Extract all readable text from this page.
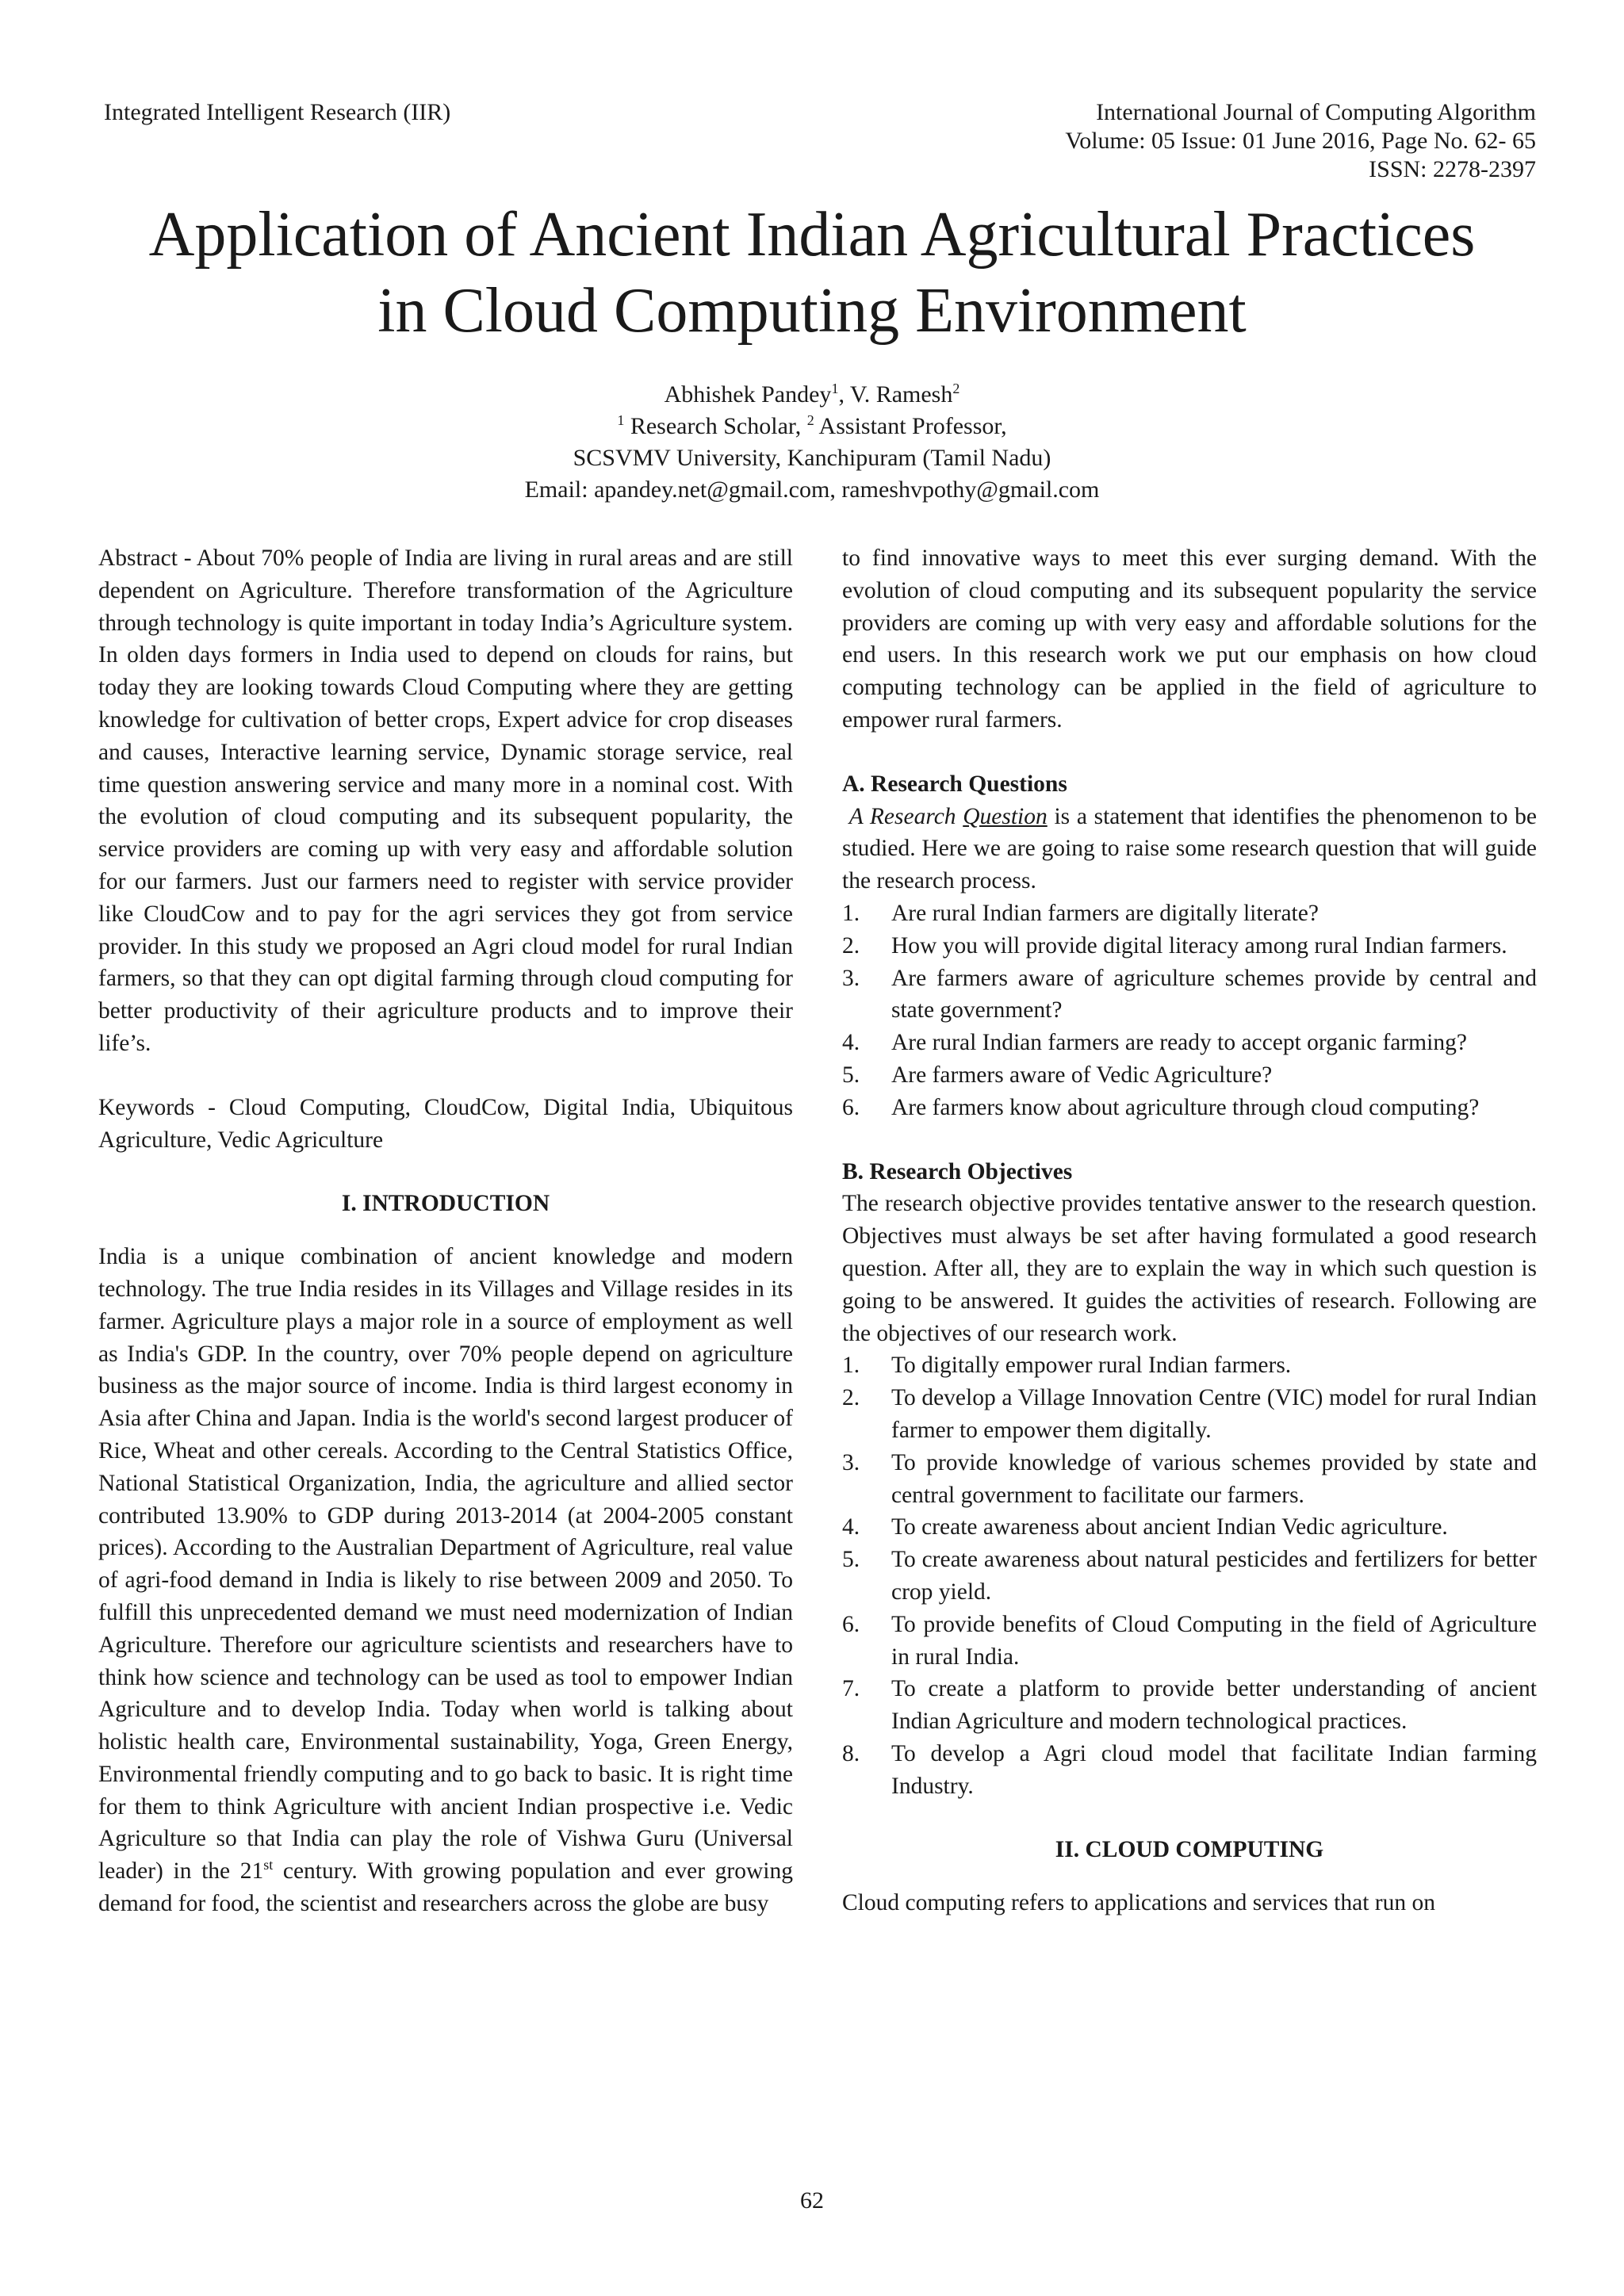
Integrated Intelligent Research (IIR)	International Journal of Computing Algorithm
Volume: 05 Issue: 01 June 2016, Page No. 62- 65
ISSN: 2278-2397
Application of Ancient Indian Agricultural Practices
in Cloud Computing Environment
Abhishek Pandey$^1$, V. Ramesh$^2$
$^1$ Research Scholar, $^2$ Assistant Professor,
SCSVMV University, Kanchipuram (Tamil Nadu)
Email: apandey.net@gmail.com, rameshvpothy@gmail.com

Abstract - About 70% people of India are living in rural areas and are still dependent on Agriculture. Therefore transformation of the Agriculture through technology is quite important in today India’s Agriculture system. In olden days formers in India used to depend on clouds for rains, but today they are looking towards Cloud Computing where they are getting knowledge for cultivation of better crops, Expert advice for crop diseases and causes, Interactive learning service, Dynamic storage service, real time question answering service and many more in a nominal cost. With the evolution of cloud computing and its subsequent popularity, the service providers are coming up with very easy and affordable solution for our farmers. Just our farmers need to register with service provider like CloudCow and to pay for the agri services they got from service provider. In this study we proposed an Agri cloud model for rural Indian farmers, so that they can opt digital farming through cloud computing for better productivity of their agriculture products and to improve their life’s.

Keywords - Cloud Computing, CloudCow, Digital India, Ubiquitous Agriculture, Vedic Agriculture

I. INTRODUCTION

India is a unique combination of ancient knowledge and modern technology. The true India resides in its Villages and Village resides in its farmer. Agriculture plays a major role in a source of employment as well as India's GDP. In the country, over 70% people depend on agriculture business as the major source of income. India is third largest economy in Asia after China and Japan. India is the world's second largest producer of Rice, Wheat and other cereals. According to the Central Statistics Office, National Statistical Organization, India, the agriculture and allied sector contributed 13.90% to GDP during 2013-2014 (at 2004-2005 constant prices). According to the Australian Department of Agriculture, real value of agri-food demand in India is likely to rise between 2009 and 2050. To fulfill this unprecedented demand we must need modernization of Indian Agriculture. Therefore our agriculture scientists and researchers have to think how science and technology can be used as tool to empower Indian Agriculture and to develop India. Today when world is talking about holistic health care, Environmental sustainability, Yoga, Green Energy, Environmental friendly computing and to go back to basic. It is right time for them to think Agriculture with ancient Indian prospective i.e. Vedic Agriculture so that India can play the role of Vishwa Guru (Universal leader) in the 21st century. With growing population and ever growing demand for food, the scientist and researchers across the globe are busy

to find innovative ways to meet this ever surging demand. With the evolution of cloud computing and its subsequent popularity the service providers are coming up with very easy and affordable solutions for the end users. In this research work we put our emphasis on how cloud computing technology can be applied in the field of agriculture to empower rural farmers.

A. Research Questions

A Research Question is a statement that identifies the phenomenon to be studied. Here we are going to raise some research question that will guide the research process.

1. Are rural Indian farmers are digitally literate?
2. How you will provide digital literacy among rural Indian farmers.
3. Are farmers aware of agriculture schemes provide by central and state government?
4. Are rural Indian farmers are ready to accept organic farming?
5. Are farmers aware of Vedic Agriculture?
6. Are farmers know about agriculture through cloud computing?

B. Research Objectives

The research objective provides tentative answer to the research question. Objectives must always be set after having formulated a good research question. After all, they are to explain the way in which such question is going to be answered. It guides the activities of research. Following are the objectives of our research work.

1. To digitally empower rural Indian farmers.
2. To develop a Village Innovation Centre (VIC) model for rural Indian farmer to empower them digitally.
3. To provide knowledge of various schemes provided by state and central government to facilitate our farmers.
4. To create awareness about ancient Indian Vedic agriculture.
5. To create awareness about natural pesticides and fertilizers for better crop yield.
6. To provide benefits of Cloud Computing in the field of Agriculture in rural India.
7. To create a platform to provide better understanding of ancient Indian Agriculture and modern technological practices.
8. To develop a Agri cloud model that facilitate Indian farming Industry.

II. CLOUD COMPUTING

Cloud computing refers to applications and services that run on

62
